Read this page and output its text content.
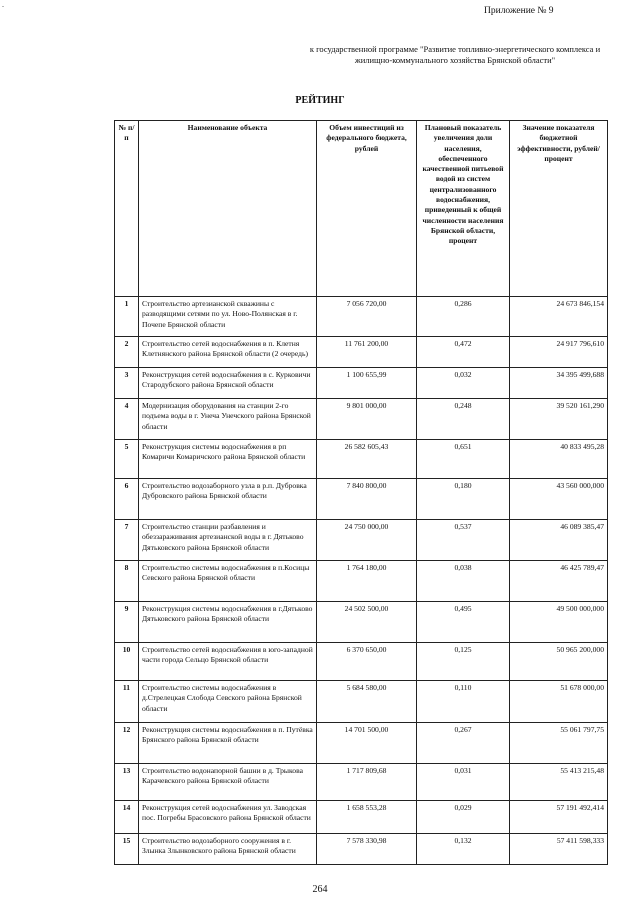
.
Приложение № 9
к государственной программе "Развитие топливно-энергетического комплекса и жилищно-коммунального хозяйства Брянской области"
РЕЙТИНГ
№ п/п	Наименование объекта	Объем инвестиций из федерального бюджета, рублей	Плановый показатель увеличения доли населения, обеспеченного качественной питьевой водой из систем централизованного водоснабжения, приведенный к общей численности населения Брянской области, процент	Значение показателя бюджетной эффективности, рублей/процент
1	Строительство артезианской скважины с разводящими сетями по ул. Ново-Полянская в г. Почепе Брянской области	7 056 720,00	0,286	24 673 846,154
2	Строительство сетей водоснабжения в п. Клетня Клетнянского района Брянской области (2 очередь)	11 761 200,00	0,472	24 917 796,610
3	Реконструкция сетей водоснабжения в с. Курковичи Стародубского района Брянской области	1 100 655,99	0,032	34 395 499,688
4	Модернизация оборудования на станции 2-го подъема воды в г. Унеча Унечского района Брянской области	9 801 000,00	0,248	39 520 161,290
5	Реконструкция системы водоснабжения в рп Комаричи Комаричского района Брянской области	26 582 605,43	0,651	40 833 495,28
6	Строительство водозаборного узла в р.п. Дубровка Дубровского района Брянской области	7 840 800,00	0,180	43 560 000,000
7	Строительство станции разбавления и обеззараживания артезианской воды в г. Дятьково Дятьковского района Брянской области	24 750 000,00	0,537	46 089 385,47
8	Строительство системы водоснабжения в п.Косицы Севского района Брянской области	1 764 180,00	0,038	46 425 789,47
9	Реконструкция системы водоснабжения в г.Дятьково Дятьковского района Брянской области	24 502 500,00	0,495	49 500 000,000
10	Строительство сетей водоснабжения в юго-западной части города Сельцо Брянской области	6 370 650,00	0,125	50 965 200,000
11	Строительство системы водоснабжения в д.Стрелецкая Слобода Севского района Брянской области	5 684 580,00	0,110	51 678 000,00
12	Реконструкция системы водоснабжения в п. Путёвка Брянского района Брянской области	14 701 500,00	0,267	55 061 797,75
13	Строительство водонапорной башни в д. Трыкова Карачевского района Брянской области	1 717 809,68	0,031	55 413 215,48
14	Реконструкция сетей водоснабжения ул. Заводская пос. Погребы Брасовского района Брянской области	1 658 553,28	0,029	57 191 492,414
15	Строительство водозаборного сооружения в г. Злынка Злынковского района Брянской области	7 578 330,98	0,132	57 411 598,333
264
